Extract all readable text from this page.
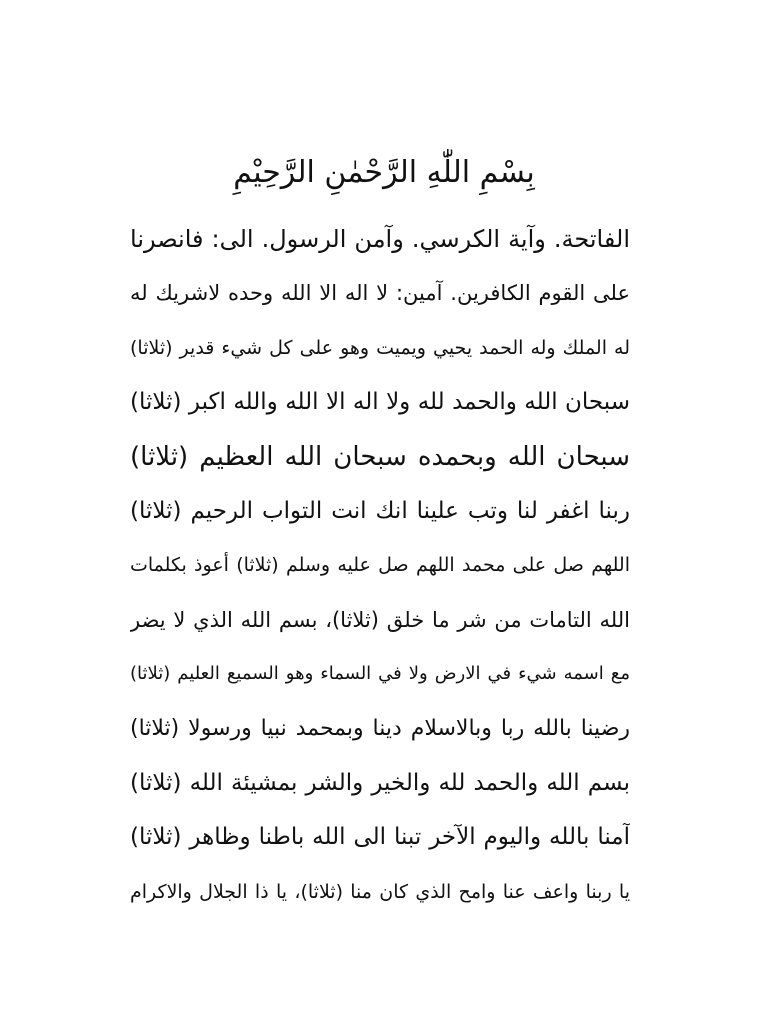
بِسْمِ اللّٰهِ الرَّحْمٰنِ الرَّحِيْمِ
الفاتحة. وآية الكرسي. وآمن الرسول. الى: فانصرنا
على القوم الكافرين. آمين: لا اله الا الله وحده لاشريك له
له الملك وله الحمد يحيي ويميت وهو على كل شيء قدير (ثلاثا)
سبحان الله والحمد لله ولا اله الا الله والله اكبر (ثلاثا)
سبحان الله وبحمده سبحان الله العظيم (ثلاثا)
ربنا اغفر لنا وتب علينا انك انت التواب الرحيم (ثلاثا)
اللهم صل على محمد اللهم صل عليه وسلم (ثلاثا) أعوذ بكلمات
الله التامات من شر ما خلق (ثلاثا)، بسم الله الذي لا يضر
مع اسمه شيء في الارض ولا في السماء وهو السميع العليم (ثلاثا)
رضينا بالله ربا وبالاسلام دينا وبمحمد نبيا ورسولا (ثلاثا)
بسم الله والحمد لله والخير والشر بمشيئة الله (ثلاثا)
آمنا بالله واليوم الآخر تبنا الى الله باطنا وظاهر (ثلاثا)
يا ربنا واعف عنا وامح الذي كان منا (ثلاثا)، يا ذا الجلال والاكرام
